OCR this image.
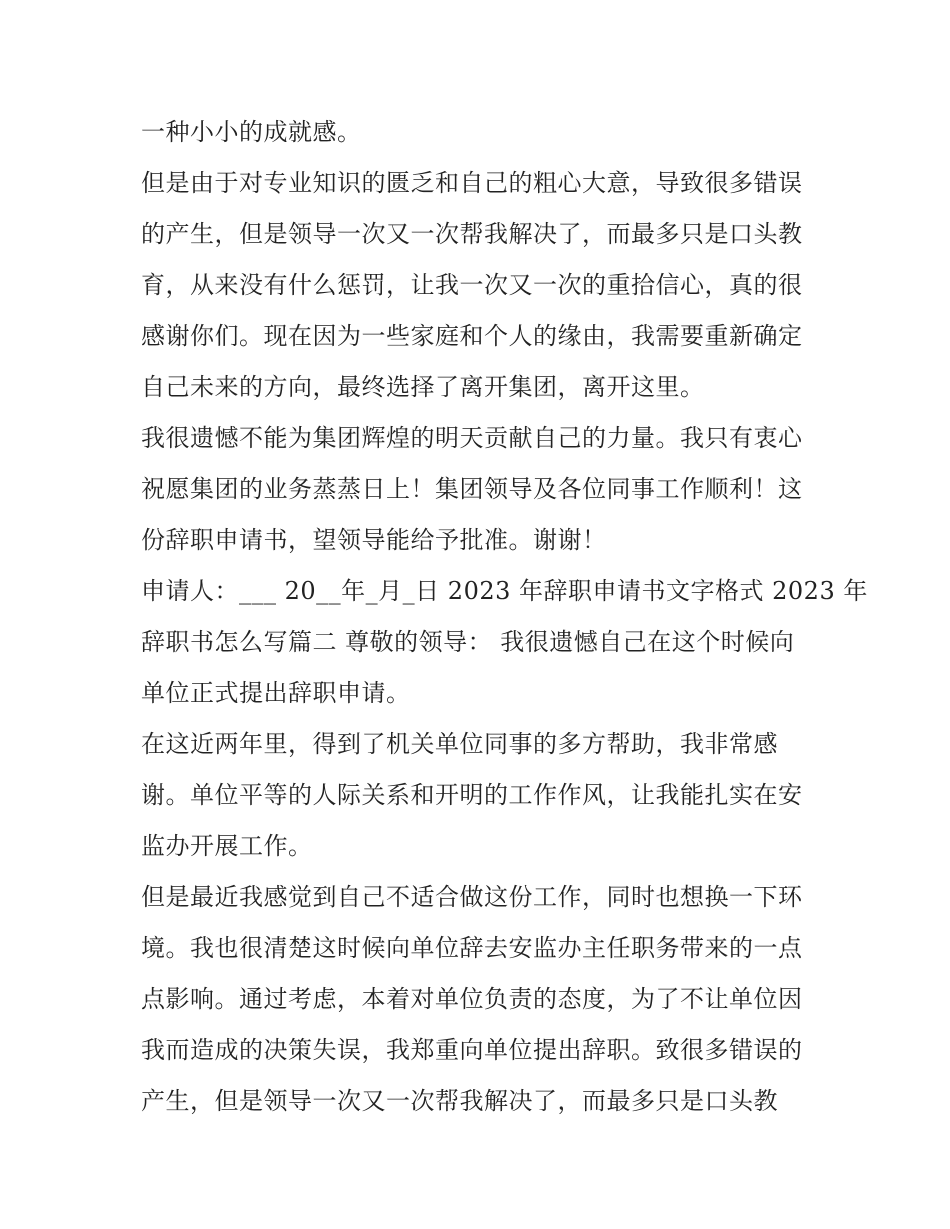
一种小小的成就感。

但是由于对专业知识的匮乏和自己的粗心大意，导致很多错误

的产生，但是领导一次又一次帮我解决了，而最多只是口头教

育，从来没有什么惩罚，让我一次又一次的重拾信心，真的很

感谢你们。现在因为一些家庭和个人的缘由，我需要重新确定

自己未来的方向，最终选择了离开集团，离开这里。

我很遗憾不能为集团辉煌的明天贡献自己的力量。我只有衷心

祝愿集团的业务蒸蒸日上！集团领导及各位同事工作顺利！这

份辞职申请书，望领导能给予批准。谢谢！

申请人：___ 20__年_月_日 2023 年辞职申请书文字格式 2023 年

辞职书怎么写篇二 尊敬的领导： 我很遗憾自己在这个时候向

单位正式提出辞职申请。

在这近两年里，得到了机关单位同事的多方帮助，我非常感

谢。单位平等的人际关系和开明的工作作风，让我能扎实在安

监办开展工作。

但是最近我感觉到自己不适合做这份工作，同时也想换一下环

境。我也很清楚这时候向单位辞去安监办主任职务带来的一点

点影响。通过考虑，本着对单位负责的态度，为了不让单位因

我而造成的决策失误，我郑重向单位提出辞职。致很多错误的

产生，但是领导一次又一次帮我解决了，而最多只是口头教
